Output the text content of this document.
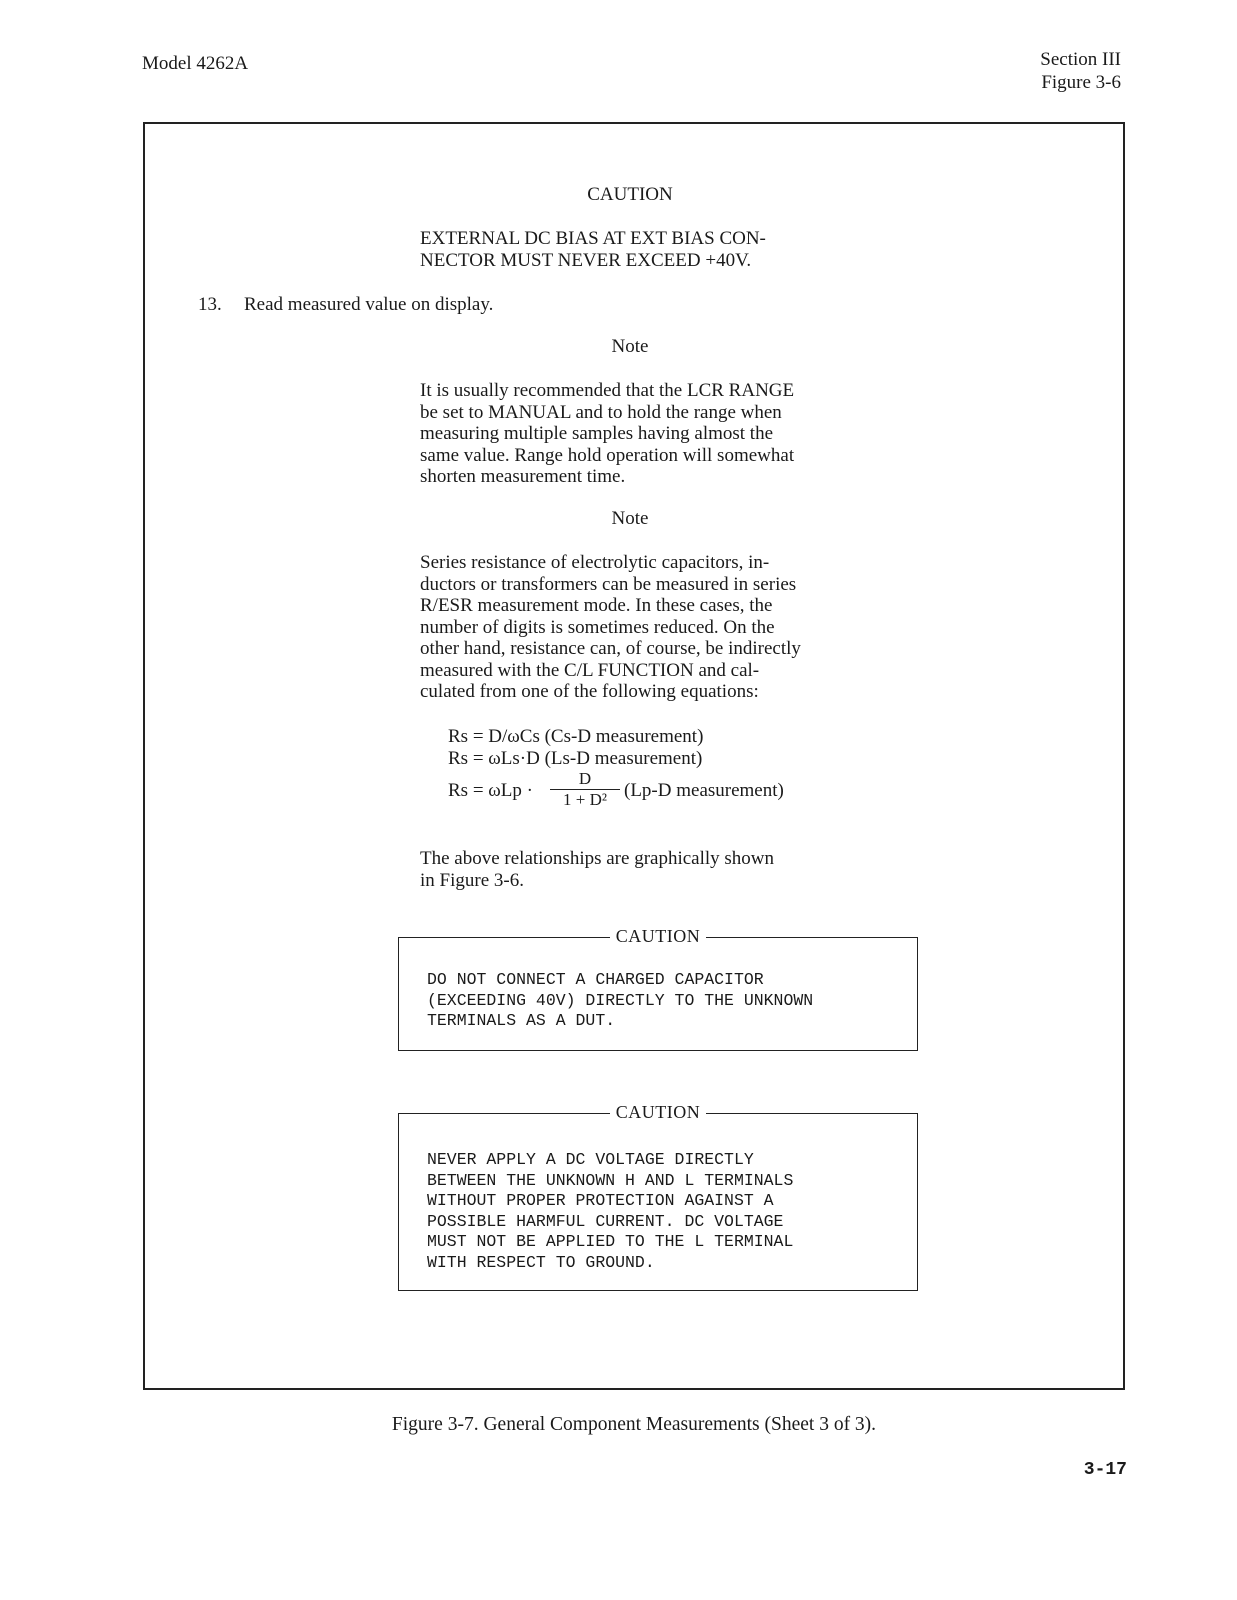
Model 4262A	Section III
Figure 3-6
CAUTION
EXTERNAL DC BIAS AT EXT BIAS CON-
NECTOR MUST NEVER EXCEED +40V.
13. Read measured value on display.
Note
It is usually recommended that the LCR RANGE
be set to MANUAL and to hold the range when
measuring multiple samples having almost the
same value. Range hold operation will somewhat
shorten measurement time.
Note
Series resistance of electrolytic capacitors, in-
ductors or transformers can be measured in series
R/ESR measurement mode. In these cases, the
number of digits is sometimes reduced. On the
other hand, resistance can, of course, be indirectly
measured with the C/L FUNCTION and cal-
culated from one of the following equations:
Rs = D/ωCs (Cs-D measurement)
Rs = ωLs·D (Ls-D measurement)
Rs = ωLp ·
D
1 + D² (Lp-D measurement)
The above relationships are graphically shown
in Figure 3-6.
CAUTION
DO NOT CONNECT A CHARGED CAPACITOR
(EXCEEDING 40V) DIRECTLY TO THE UNKNOWN
TERMINALS AS A DUT.
CAUTION
NEVER APPLY A DC VOLTAGE DIRECTLY
BETWEEN THE UNKNOWN H AND L TERMINALS
WITHOUT PROPER PROTECTION AGAINST A
POSSIBLE HARMFUL CURRENT. DC VOLTAGE
MUST NOT BE APPLIED TO THE L TERMINAL
WITH RESPECT TO GROUND.
Figure 3-7. General Component Measurements (Sheet 3 of 3).
3-17
